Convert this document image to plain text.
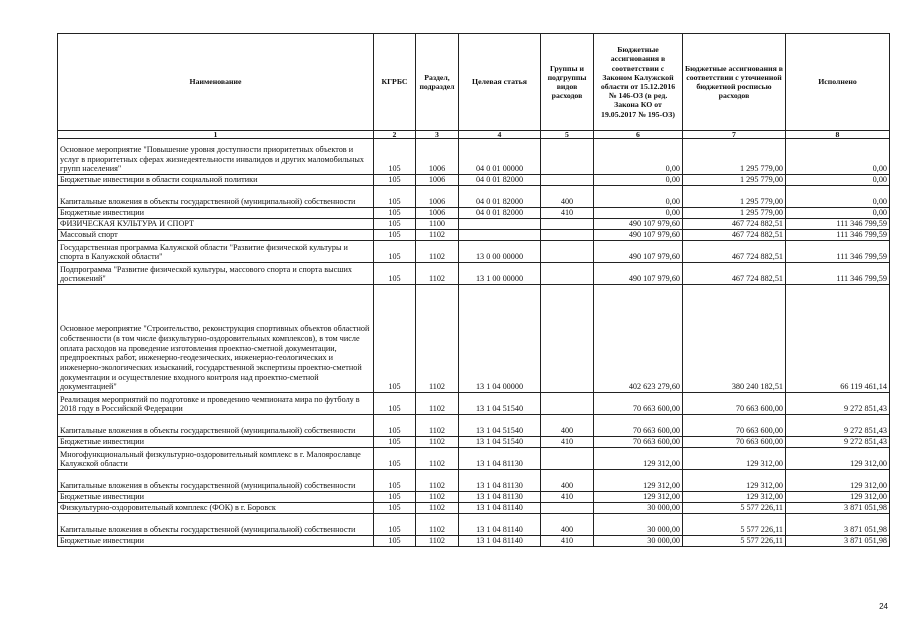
Наименование	КГРБС	Раздел, подраздел	Целевая статья	Группы и подгруппы видов расходов	Бюджетные ассигнования в соответствии с Законом Калужской области от 15.12.2016 № 146-ОЗ (в ред. Закона КО от 19.05.2017 № 195-ОЗ)	Бюджетные ассигнования в соответствии с уточненной бюджетной росписью расходов	Исполнено
1	2	3	4	5	6	7	8
Основное мероприятие "Повышение уровня доступности приоритетных объектов и услуг в приоритетных сферах жизнедеятельности инвалидов и других маломобильных групп населения"	105	1006	04 0 01 00000		0,00	1 295 779,00	0,00
Бюджетные инвестиции в области социальной политики	105	1006	04 0 01 82000		0,00	1 295 779,00	0,00
Капитальные вложения в объекты государственной (муниципальной) собственности	105	1006	04 0 01 82000	400	0,00	1 295 779,00	0,00
Бюджетные инвестиции	105	1006	04 0 01 82000	410	0,00	1 295 779,00	0,00
ФИЗИЧЕСКАЯ КУЛЬТУРА И СПОРТ	105	1100			490 107 979,60	467 724 882,51	111 346 799,59
Массовый спорт	105	1102			490 107 979,60	467 724 882,51	111 346 799,59
Государственная программа Калужской области "Развитие физической культуры и спорта в Калужской области"	105	1102	13 0 00 00000		490 107 979,60	467 724 882,51	111 346 799,59
Подпрограмма "Развитие физической культуры, массового спорта и спорта высших достижений"	105	1102	13 1 00 00000		490 107 979,60	467 724 882,51	111 346 799,59
Основное мероприятие "Строительство, реконструкция спортивных объектов областной собственности (в том числе физкультурно-оздоровительных комплексов), в том числе оплата расходов на проведение изготовления проектно-сметной документации, предпроектных работ, инженерно-геодезических, инженерно-геологических и инженерно-экологических изысканий, государственной экспертизы проектно-сметной документации и осуществление входного контроля над проектно-сметной документацией"	105	1102	13 1 04 00000		402 623 279,60	380 240 182,51	66 119 461,14
Реализация мероприятий по подготовке и проведению чемпионата мира по футболу в 2018 году в Российской Федерации	105	1102	13 1 04 51540		70 663 600,00	70 663 600,00	9 272 851,43
Капитальные вложения в объекты государственной (муниципальной) собственности	105	1102	13 1 04 51540	400	70 663 600,00	70 663 600,00	9 272 851,43
Бюджетные инвестиции	105	1102	13 1 04 51540	410	70 663 600,00	70 663 600,00	9 272 851,43
Многофункциональный физкультурно-оздоровительный комплекс в г. Малоярославце Калужской области	105	1102	13 1 04 81130		129 312,00	129 312,00	129 312,00
Капитальные вложения в объекты государственной (муниципальной) собственности	105	1102	13 1 04 81130	400	129 312,00	129 312,00	129 312,00
Бюджетные инвестиции	105	1102	13 1 04 81130	410	129 312,00	129 312,00	129 312,00
Физкультурно-оздоровительный комплекс (ФОК) в г. Боровск	105	1102	13 1 04 81140		30 000,00	5 577 226,11	3 871 051,98
Капитальные вложения в объекты государственной (муниципальной) собственности	105	1102	13 1 04 81140	400	30 000,00	5 577 226,11	3 871 051,98
Бюджетные инвестиции	105	1102	13 1 04 81140	410	30 000,00	5 577 226,11	3 871 051,98
24
